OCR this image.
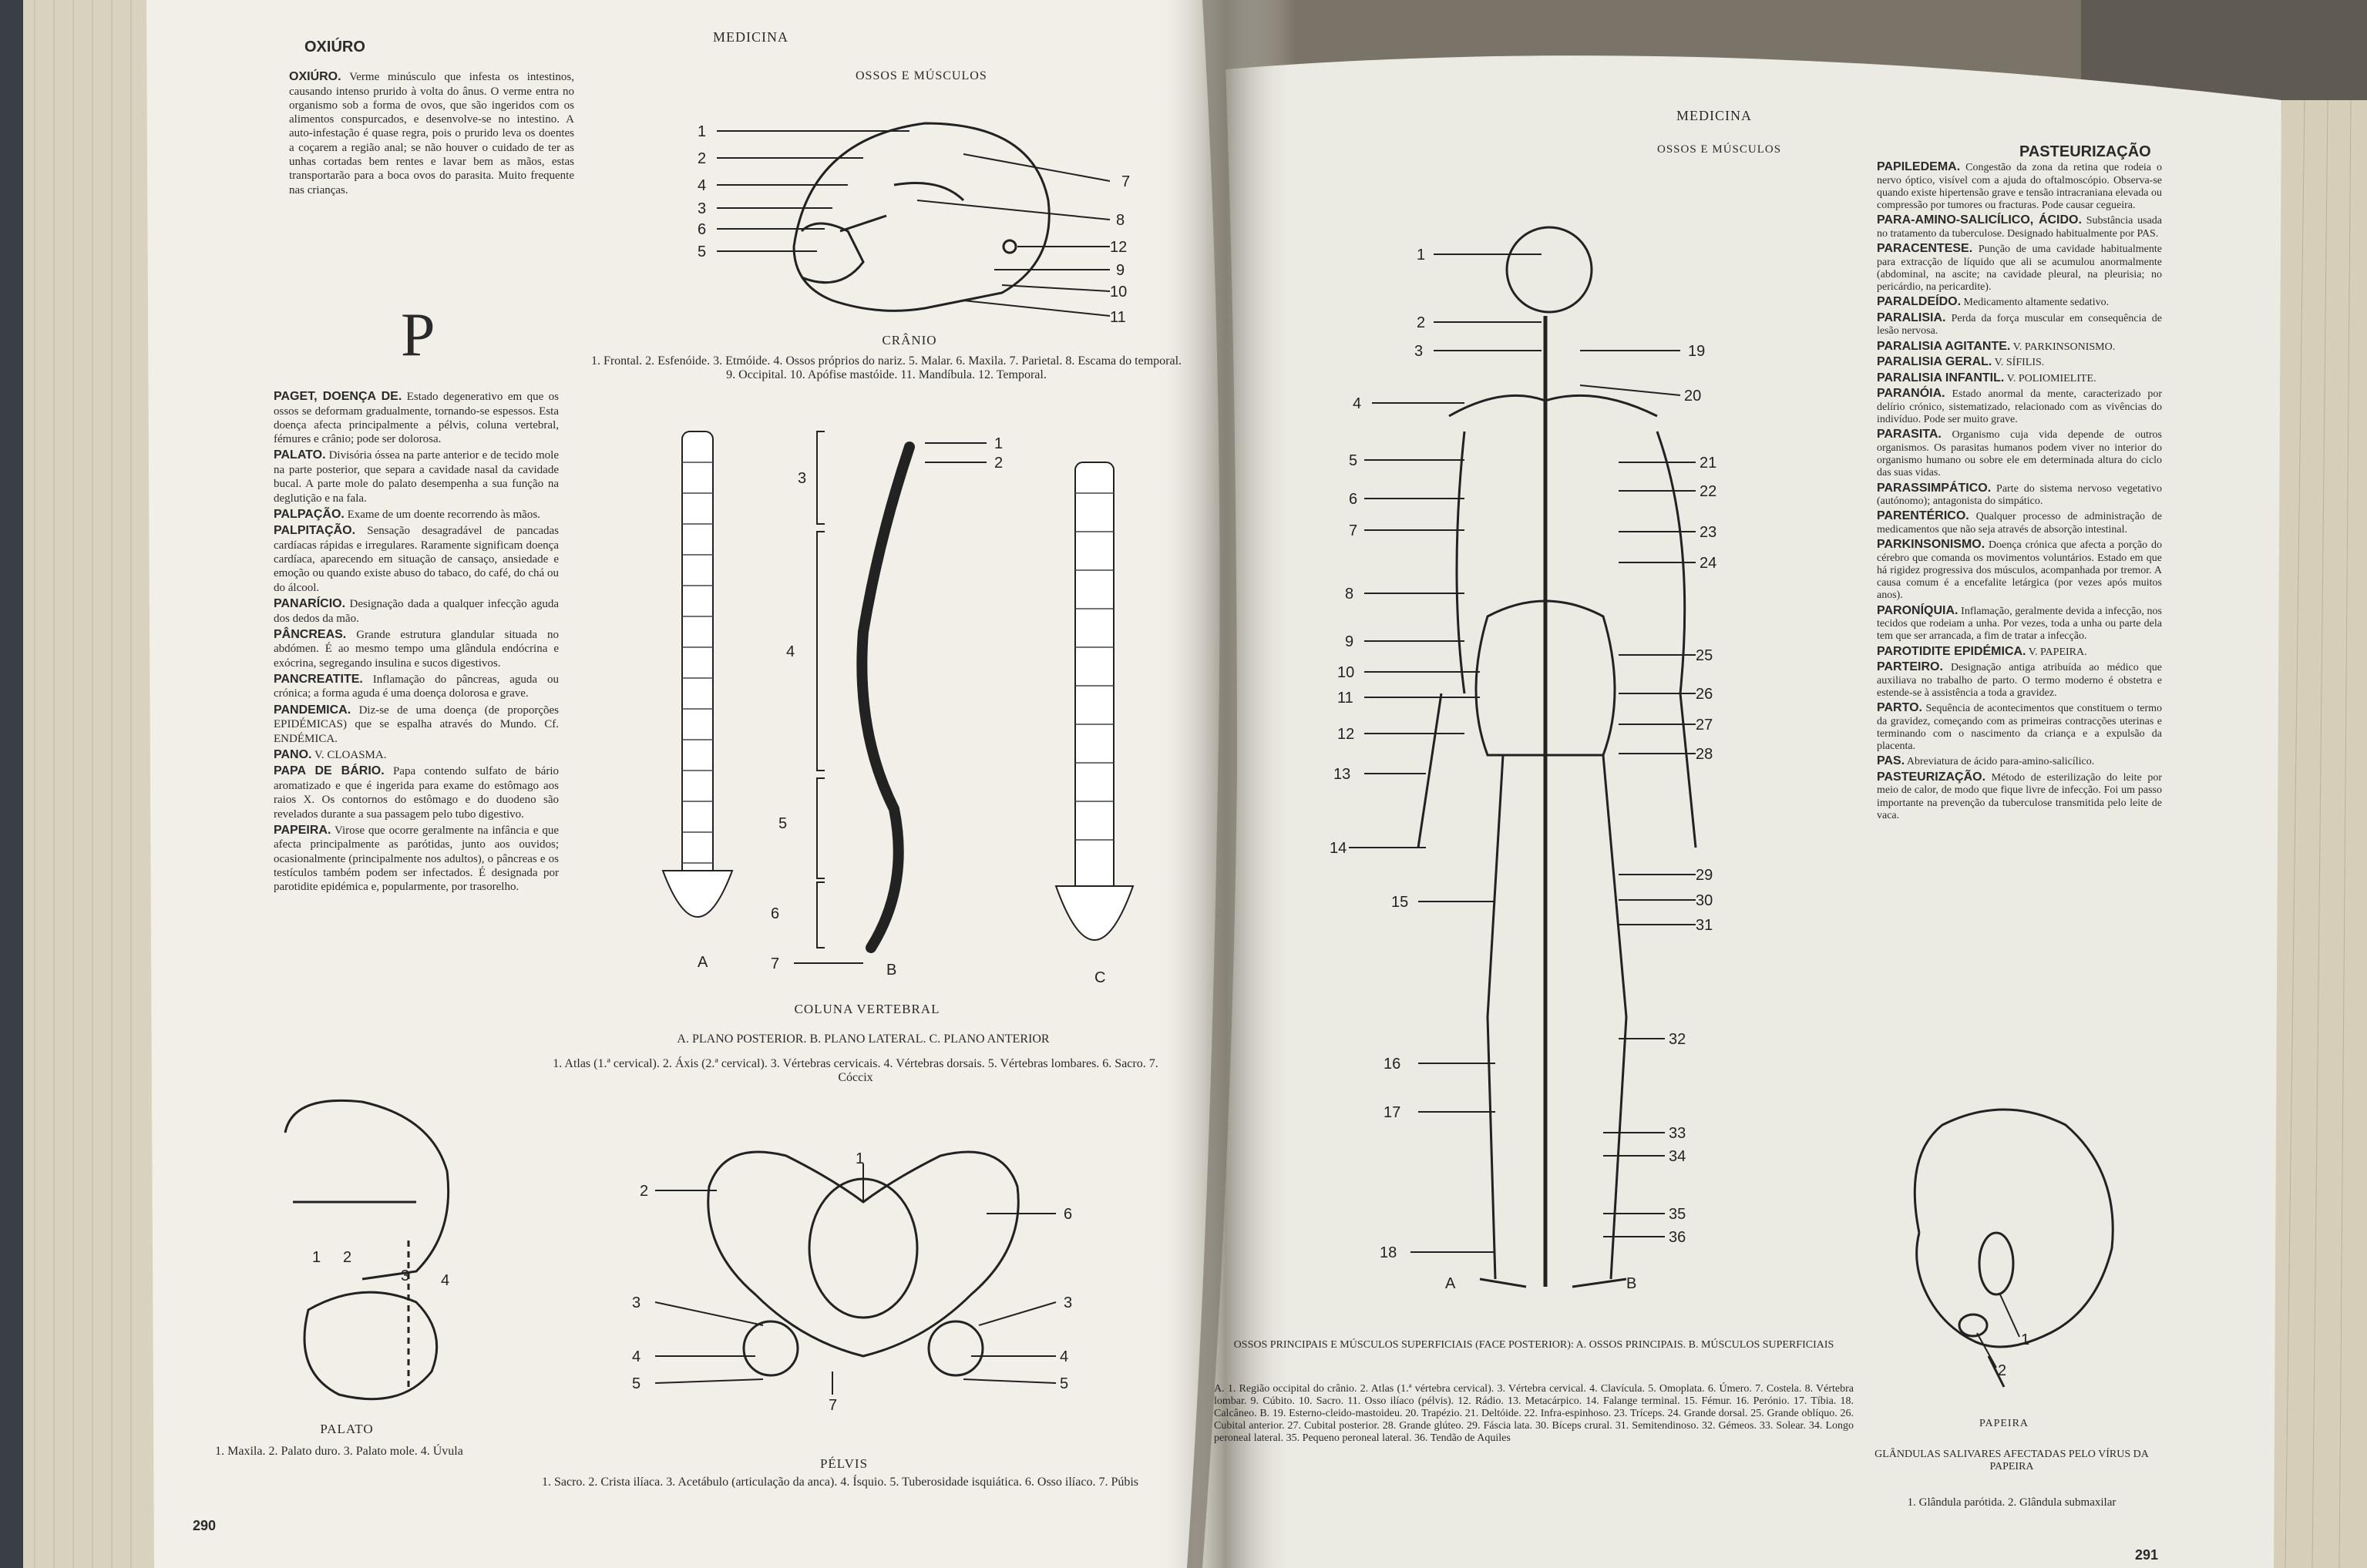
1
2
4
3
6
5
7
8
12
9
10
11
1
2
3
4
5
6
7
A	B	C
1
2
6
3	3
4	4
5	5
7
1 2
3 4
1
2
3
4
5
6
7
8
9
10
11
12
13
14
15
16
17
18
19
20
21
22
23
24
25
26
27
28
29
30
31
32
33
34
35
36
A	B
1
2
OXIÚRO
MEDICINA

OXIÚRO. Verme minúsculo que infesta os intestinos, causando intenso prurido à volta do ânus. O verme entra no organismo sob a forma de ovos, que são ingeridos com os alimentos conspurcados, e desenvolve-se no intestino. A auto-infestação é quase regra, pois o prurido leva os doentes a coçarem a região anal; se não houver o cuidado de ter as unhas cortadas bem rentes e lavar bem as mãos, estas transportarão para a boca ovos do parasita. Muito frequente nas crianças.

P

PAGET, DOENÇA DE. Estado degenerativo em que os ossos se deformam gradualmente, tornando-se espessos. Esta doença afecta principalmente a pélvis, coluna vertebral, fémures e crânio; pode ser dolorosa.

PALATO. Divisória óssea na parte anterior e de tecido mole na parte posterior, que separa a cavidade nasal da cavidade bucal. A parte mole do palato desempenha a sua função na deglutição e na fala.

PALPAÇÃO. Exame de um doente recorrendo às mãos.

PALPITAÇÃO. Sensação desagradável de pancadas cardíacas rápidas e irregulares. Raramente significam doença cardíaca, aparecendo em situação de cansaço, ansiedade e emoção ou quando existe abuso do tabaco, do café, do chá ou do álcool.

PANARÍCIO. Designação dada a qualquer infecção aguda dos dedos da mão.

PÂNCREAS. Grande estrutura glandular situada no abdómen. É ao mesmo tempo uma glândula endócrina e exócrina, segregando insulina e sucos digestivos.

PANCREATITE. Inflamação do pâncreas, aguda ou crónica; a forma aguda é uma doença dolorosa e grave.

PANDEMICA. Diz-se de uma doença (de proporções EPIDÉMICAS) que se espalha através do Mundo. Cf. ENDÉMICA.

PANO. V. CLOASMA.

PAPA DE BÁRIO. Papa contendo sulfato de bário aromatizado e que é ingerida para exame do estômago aos raios X. Os contornos do estômago e do duodeno são revelados durante a sua passagem pelo tubo digestivo.

PAPEIRA. Virose que ocorre geralmente na infância e que afecta principalmente as parótidas, junto aos ouvidos; ocasionalmente (principalmente nos adultos), o pâncreas e os testículos também podem ser infectados. É designada por parotidite epidémica e, popularmente, por trasorelho.

PALATO
1. Maxila. 2. Palato duro. 3. Palato mole. 4. Úvula
290
OSSOS E MÚSCULOS
CRÂNIO
1. Frontal. 2. Esfenóide. 3. Etmóide. 4. Ossos próprios do nariz. 5. Malar. 6. Maxila. 7. Parietal. 8. Escama do temporal. 9. Occipital. 10. Apófise mastóide. 11. Mandíbula. 12. Temporal.
COLUNA VERTEBRAL
A. PLANO POSTERIOR. B. PLANO LATERAL. C. PLANO ANTERIOR
1. Atlas (1.ª cervical). 2. Áxis (2.ª cervical). 3. Vértebras cervicais. 4. Vértebras dorsais. 5. Vértebras lombares. 6. Sacro. 7. Cóccix
PÉLVIS
1. Sacro. 2. Crista ilíaca. 3. Acetábulo (articulação da anca). 4. Ísquio. 5. Tuberosidade isquiática. 6. Osso ilíaco. 7. Púbis
MEDICINA
OSSOS E MÚSCULOS	PASTEURIZAÇÃO

PAPILEDEMA. Congestão da zona da retina que rodeia o nervo óptico, visível com a ajuda do oftalmoscópio. Observa-se quando existe hipertensão grave e tensão intracraniana elevada ou compressão por tumores ou fracturas. Pode causar cegueira.

PARA-AMINO-SALICÍLICO, ÁCIDO. Substância usada no tratamento da tuberculose. Designado habitualmente por PAS.

PARACENTESE. Punção de uma cavidade habitualmente para extracção de líquido que ali se acumulou anormalmente (abdominal, na ascite; na cavidade pleural, na pleurisia; no pericárdio, na pericardite).

PARALDEÍDO. Medicamento altamente sedativo.

PARALISIA. Perda da força muscular em consequência de lesão nervosa.

PARALISIA AGITANTE. V. PARKINSONISMO.

PARALISIA GERAL. V. SÍFILIS.

PARALISIA INFANTIL. V. POLIOMIELITE.

PARANÓIA. Estado anormal da mente, caracterizado por delírio crónico, sistematizado, relacionado com as vivências do indivíduo. Pode ser muito grave.

PARASITA. Organismo cuja vida depende de outros organismos. Os parasitas humanos podem viver no interior do organismo humano ou sobre ele em determinada altura do ciclo das suas vidas.

PARASSIMPÁTICO. Parte do sistema nervoso vegetativo (autónomo); antagonista do simpático.

PARENTÉRICO. Qualquer processo de administração de medicamentos que não seja através de absorção intestinal.

PARKINSONISMO. Doença crónica que afecta a porção do cérebro que comanda os movimentos voluntários. Estado em que há rigidez progressiva dos músculos, acompanhada por tremor. A causa comum é a encefalite letárgica (por vezes após muitos anos).

PARONÍQUIA. Inflamação, geralmente devida a infecção, nos tecidos que rodeiam a unha. Por vezes, toda a unha ou parte dela tem que ser arrancada, a fim de tratar a infecção.

PAROTIDITE EPIDÉMICA. V. PAPEIRA.

PARTEIRO. Designação antiga atribuída ao médico que auxiliava no trabalho de parto. O termo moderno é obstetra e estende-se à assistência a toda a gravidez.

PARTO. Sequência de acontecimentos que constituem o termo da gravidez, começando com as primeiras contracções uterinas e terminando com o nascimento da criança e a expulsão da placenta.

PAS. Abreviatura de ácido para-amino-salicílico.

PASTEURIZAÇÃO. Método de esterilização do leite por meio de calor, de modo que fique livre de infecção. Foi um passo importante na prevenção da tuberculose transmitida pelo leite de vaca.

OSSOS PRINCIPAIS E MÚSCULOS SUPERFICIAIS (FACE POSTERIOR): A. OSSOS PRINCIPAIS. B. MÚSCULOS SUPERFICIAIS
A. 1. Região occipital do crânio. 2. Atlas (1.ª vértebra cervical). 3. Vértebra cervical. 4. Clavícula. 5. Omoplata. 6. Úmero. 7. Costela. 8. Vértebra lombar. 9. Cúbito. 10. Sacro. 11. Osso ilíaco (pélvis). 12. Rádio. 13. Metacárpico. 14. Falange terminal. 15. Fémur. 16. Perónio. 17. Tíbia. 18. Calcâneo. B. 19. Esterno-cleido-mastoideu. 20. Trapézio. 21. Deltóide. 22. Infra-espinhoso. 23. Tríceps. 24. Grande dorsal. 25. Grande oblíquo. 26. Cubital anterior. 27. Cubital posterior. 28. Grande glúteo. 29. Fáscia lata. 30. Bíceps crural. 31. Semitendinoso. 32. Gémeos. 33. Solear. 34. Longo peroneal lateral. 35. Pequeno peroneal lateral. 36. Tendão de Aquiles
PAPEIRA
GLÂNDULAS SALIVARES AFECTADAS PELO VÍRUS DA PAPEIRA
1. Glândula parótida. 2. Glândula submaxilar
291
